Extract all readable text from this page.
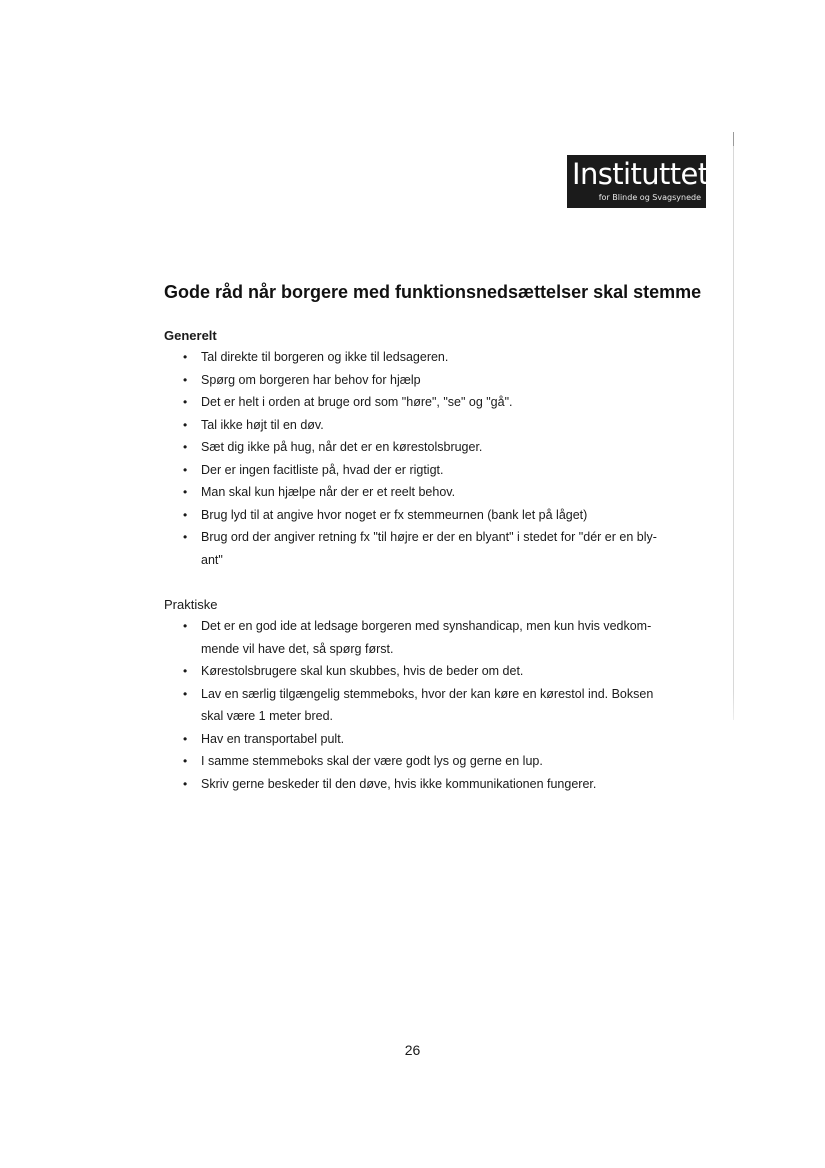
Instituttet
for Blinde og Svagsynede
Gode råd når borgere med funktionsnedsættelser skal stemme
Generelt
• Tal direkte til borgeren og ikke til ledsageren.
• Spørg om borgeren har behov for hjælp
• Det er helt i orden at bruge ord som "høre", "se" og "gå".
• Tal ikke højt til en døv.
• Sæt dig ikke på hug, når det er en kørestolsbruger.
• Der er ingen facitliste på, hvad der er rigtigt.
• Man skal kun hjælpe når der er et reelt behov.
• Brug lyd til at angive hvor noget er fx stemmeurnen (bank let på låget)
• Brug ord der angiver retning fx "til højre er der en blyant" i stedet for "dér er en bly-ant"
Praktiske
• Det er en god ide at ledsage borgeren med synshandicap, men kun hvis vedkom-mende vil have det, så spørg først.
• Kørestolsbrugere skal kun skubbes, hvis de beder om det.
• Lav en særlig tilgængelig stemmeboks, hvor der kan køre en kørestol ind. Boksen skal være 1 meter bred.
• Hav en transportabel pult.
• I samme stemmeboks skal der være godt lys og gerne en lup.
• Skriv gerne beskeder til den døve, hvis ikke kommunikationen fungerer.
26
